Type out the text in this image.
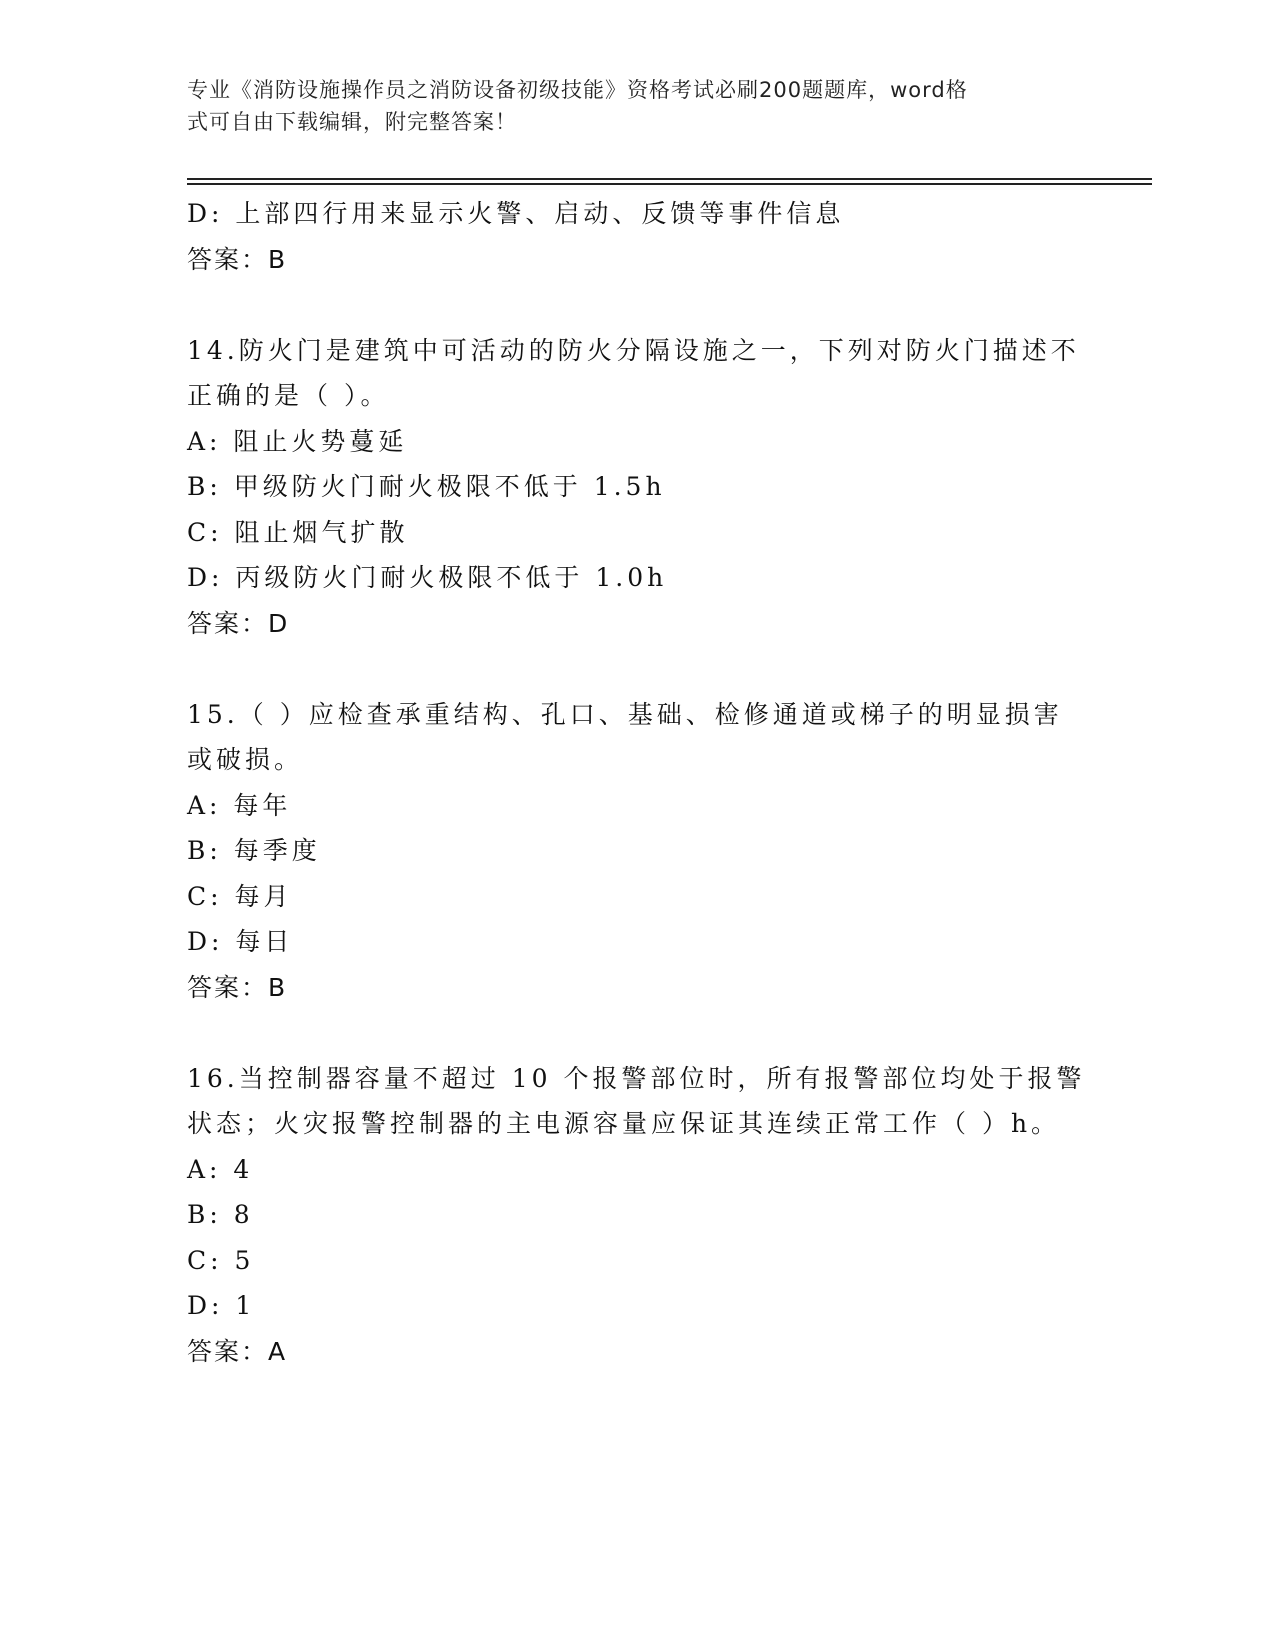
专业《消防设施操作员之消防设备初级技能》资格考试必刷200题题库，word格
式可自由下载编辑，附完整答案！
D: 上部四行用来显示火警、启动、反馈等事件信息
答案：B
14.防火门是建筑中可活动的防火分隔设施之一，下列对防火门描述不
正确的是（ ）。
A: 阻止火势蔓延
B: 甲级防火门耐火极限不低于 1.5h
C: 阻止烟气扩散
D: 丙级防火门耐火极限不低于 1.0h
答案：D
15.（ ）应检查承重结构、孔口、基础、检修通道或梯子的明显损害
或破损。
A: 每年
B: 每季度
C: 每月
D: 每日
答案：B
16.当控制器容量不超过 10 个报警部位时，所有报警部位均处于报警
状态；火灾报警控制器的主电源容量应保证其连续正常工作（ ）h。
A: 4
B: 8
C: 5
D: 1
答案：A
